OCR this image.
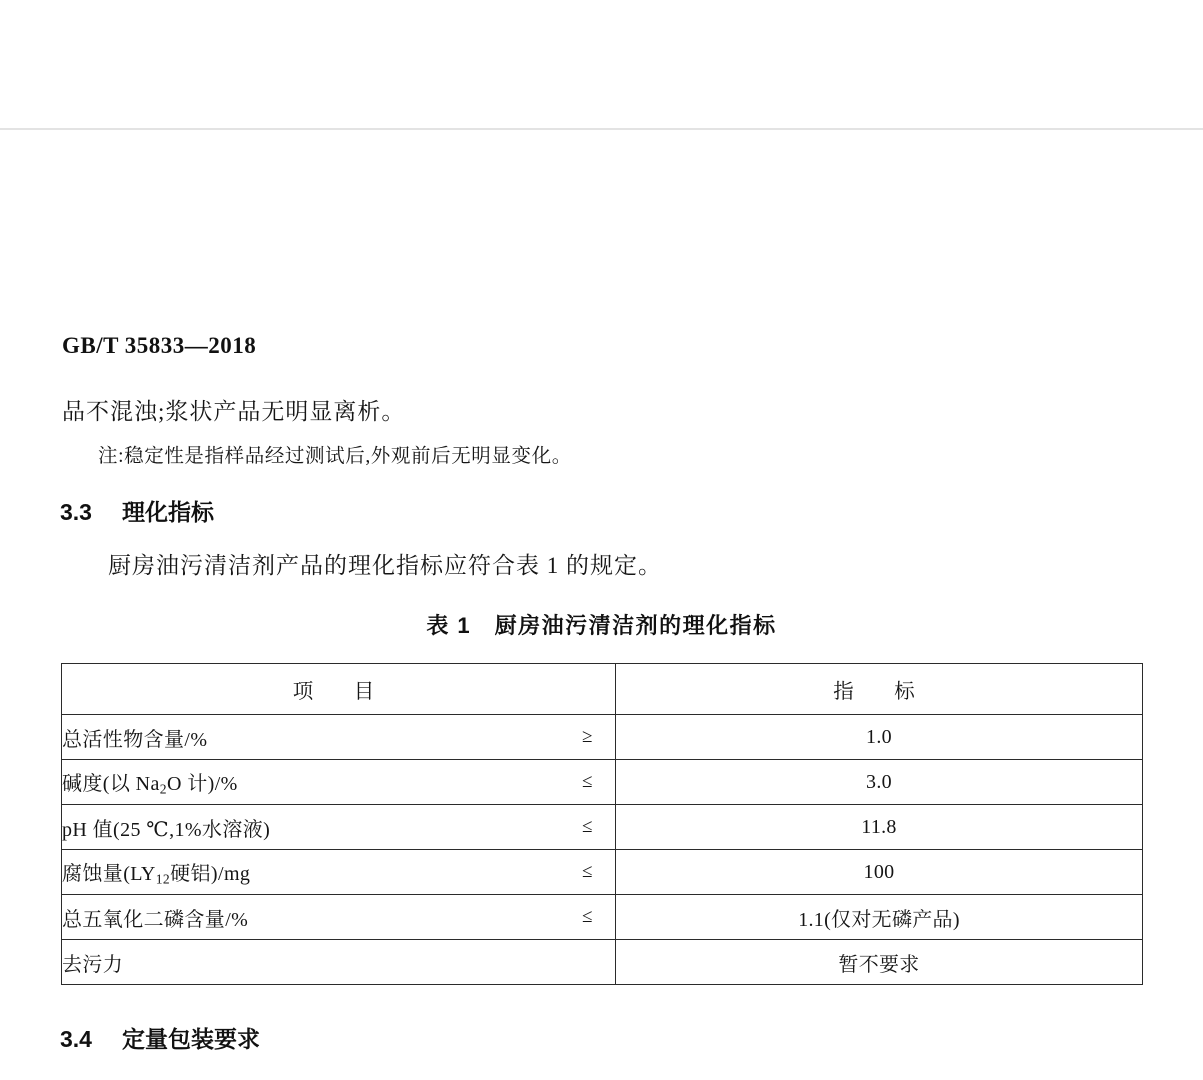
GB/T 35833—2018
品不混浊;浆状产品无明显离析。
注:稳定性是指样品经过测试后,外观前后无明显变化。
3.3 理化指标
厨房油污清洁剂产品的理化指标应符合表 1 的规定。
表 1　厨房油污清洁剂的理化指标
项　目	指　标
总活性物含量/% ≥	1.0
碱度(以 $Na_2O$ 计)/% ≤	3.0
pH 值(25 ℃,1%水溶液) ≤	11.8
腐蚀量($LY_{12}$硬铝)/mg ≤	100
总五氧化二磷含量/% ≤	1.1(仅对无磷产品)
去污力	暂不要求
3.4 定量包装要求
